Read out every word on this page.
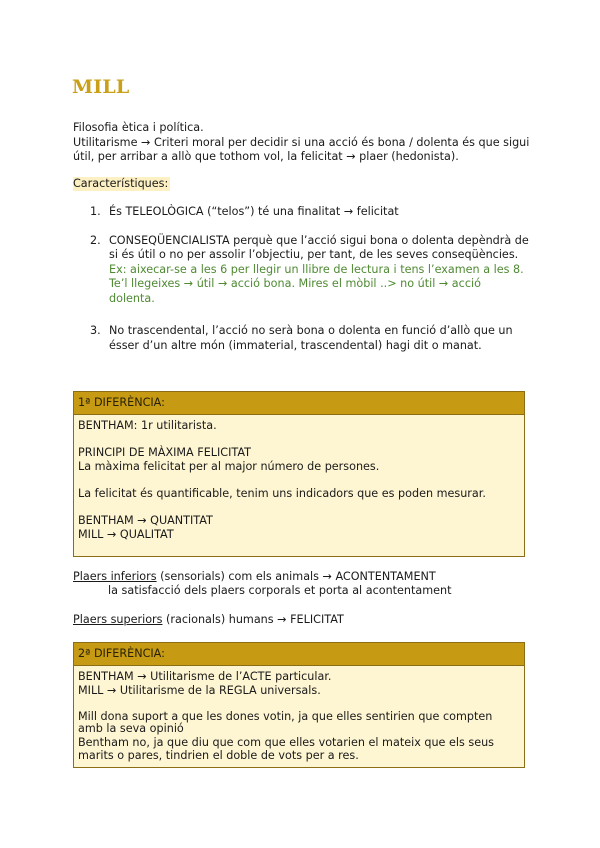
MILL

Filosofia ètica i política.

Utilitarisme → Criteri moral per decidir si una acció és bona / dolenta és que sigui útil, per arribar a allò que tothom vol, la felicitat → plaer (hedonista).

Característiques:
1. És TELEOLÒGICA (“telos”) té una finalitat → felicitat
2. CONSEQÜENCIALISTA perquè que l’acció sigui bona o dolenta depèndrà de si és útil o no per assolir l’objectiu, per tant, de les seves conseqüències. Ex: aixecar-se a les 6 per llegir un llibre de lectura i tens l’examen a les 8. Te’l llegeixes → útil → acció bona. Mires el mòbil ..> no útil → acció dolenta.
3. No trascendental, l’acció no serà bona o dolenta en funció d’allò que un ésser d’un altre món (immaterial, trascendental) hagi dit o manat.
1ª DIFERÈNCIA:

BENTHAM: 1r utilitarista.

PRINCIPI DE MÀXIMA FELICITAT

La màxima felicitat per al major número de persones.

La felicitat és quantificable, tenim uns indicadors que es poden mesurar.

BENTHAM → QUANTITAT

MILL → QUALITAT

Plaers inferiors (sensorials) com els animals → ACONTENTAMENT
la satisfacció dels plaers corporals et porta al acontentament
Plaers superiors (racionals) humans → FELICITAT
2ª DIFERÈNCIA:

BENTHAM → Utilitarisme de l’ACTE particular.

MILL → Utilitarisme de la REGLA universals.

Mill dona suport a que les dones votin, ja que elles sentirien que compten amb la seva opinió

Bentham no, ja que diu que com que elles votarien el mateix que els seus marits o pares, tindrien el doble de vots per a res.
